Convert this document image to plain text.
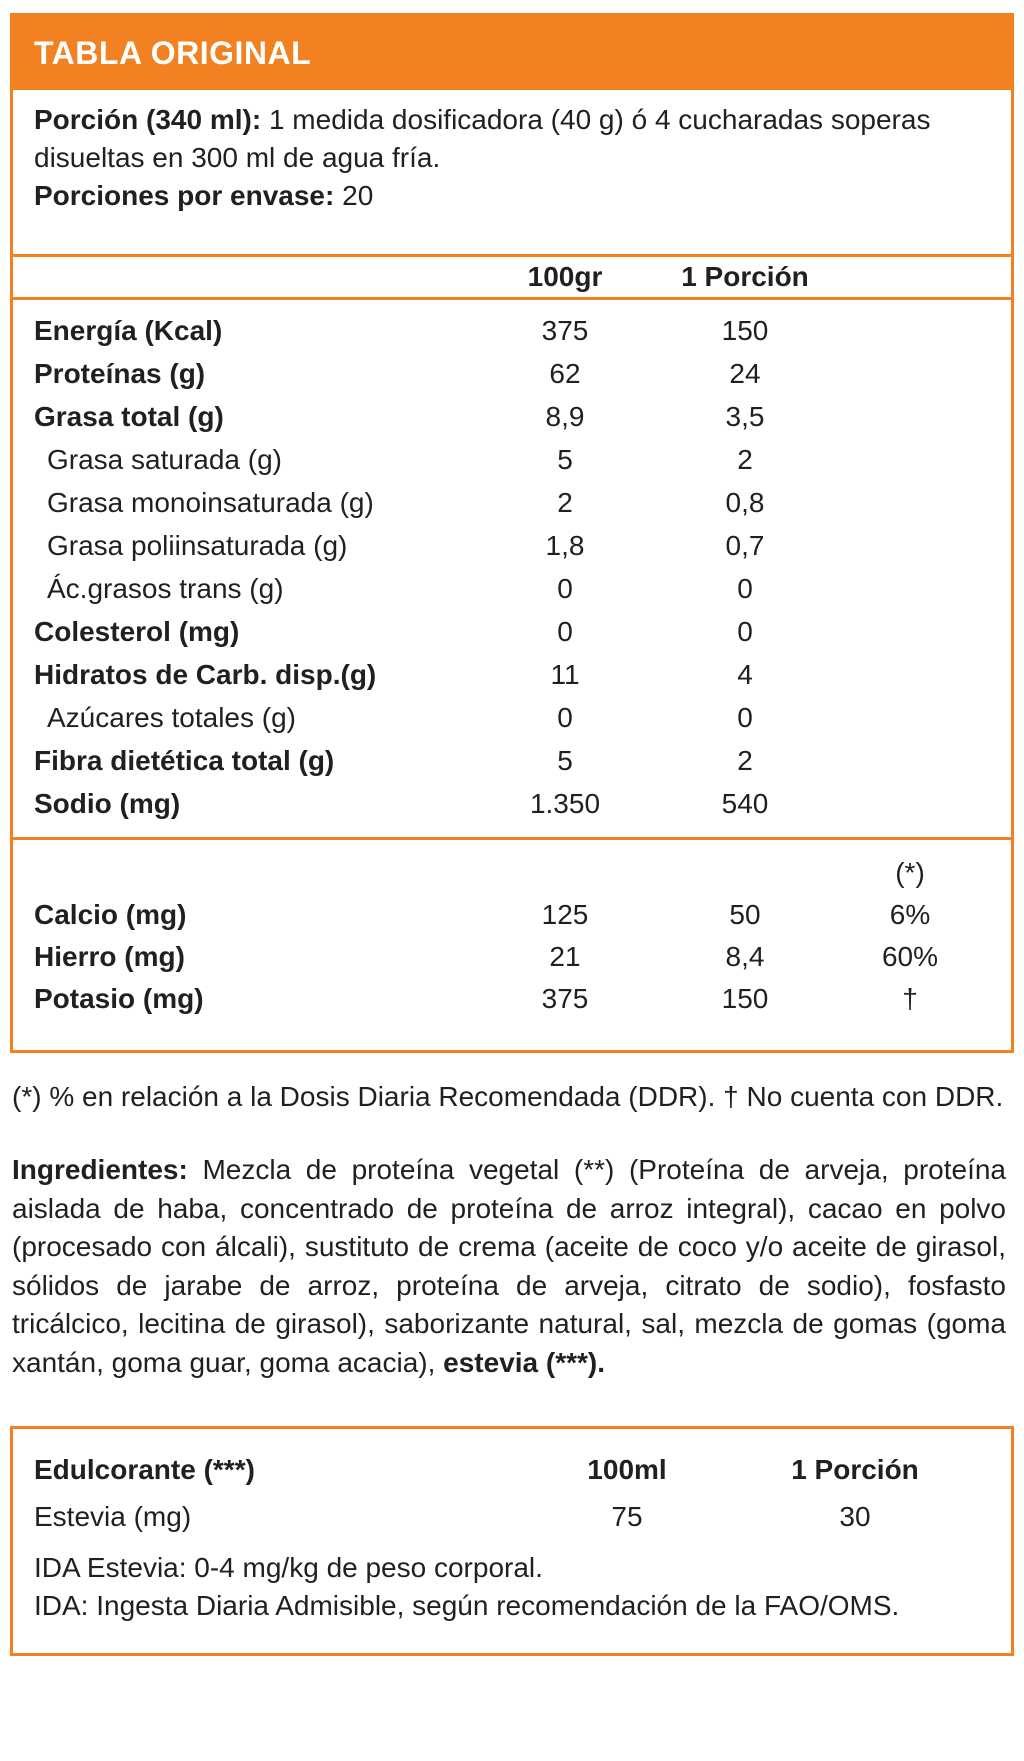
TABLA ORIGINAL

Porción (340 ml): 1 medida dosificadora (40 g) ó 4 cucharadas soperas disueltas en 300 ml de agua fría.

Porciones por envase: 20

100gr	1 Porción
Energía (Kcal)	375	150
Proteínas (g)	62	24
Grasa total (g)	8,9	3,5
Grasa saturada (g)	5	2
Grasa monoinsaturada (g)	2	0,8
Grasa poliinsaturada (g)	1,8	0,7
Ác.grasos trans (g)	0	0
Colesterol (mg)	0	0
Hidratos de Carb. disp.(g)	11	4
Azúcares totales (g)	0	0
Fibra dietética total (g)	5	2
Sodio (mg)	1.350	540
(*)
Calcio (mg)	125	50	6%
Hierro (mg)	21	8,4	60%
Potasio (mg)	375	150	†

(*) % en relación a la Dosis Diaria Recomendada (DDR). † No cuenta con DDR.

Ingredientes: Mezcla de proteína vegetal (**) (Proteína de arveja, proteína aislada de haba, concentrado de proteína de arroz integral), cacao en polvo (procesado con álcali), sustituto de crema (aceite de coco y/o aceite de girasol, sólidos de jarabe de arroz, proteína de arveja, citrato de sodio), fosfasto tricálcico, lecitina de girasol), saborizante natural, sal, mezcla de gomas (goma xantán, goma guar, goma acacia), estevia (***).

Edulcorante (***)	100ml	1 Porción
Estevia (mg)	75	30

IDA Estevia: 0-4 mg/kg de peso corporal.

IDA: Ingesta Diaria Admisible, según recomendación de la FAO/OMS.
